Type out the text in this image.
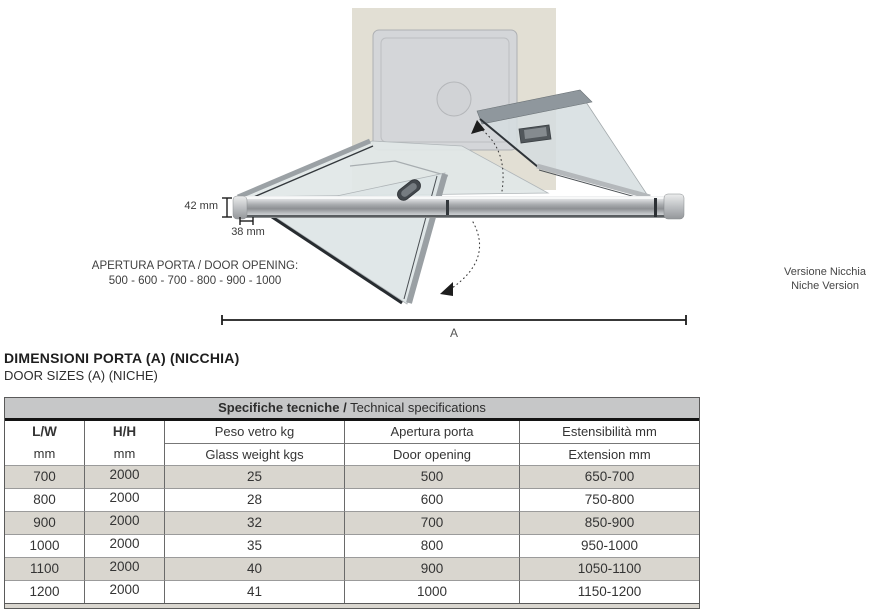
42 mm
38 mm
APERTURA PORTA / DOOR OPENING:
500 - 600 - 700 - 800 - 900 - 1000
Versione Nicchia
Niche Version
A
DIMENSIONI PORTA (A) (NICCHIA)
DOOR SIZES (A) (NICHE)
Specifiche tecniche / Technical specifications
L/W	H/H	Peso vetro kg	Apertura porta	Estensibilità mm
mm	mm	Glass weight kgs	Door opening	Extension mm
700	2000	25	500	650-700
800	2000	28	600	750-800
900	2000	32	700	850-900
1000	2000	35	800	950-1000
1100	2000	40	900	1050-1100
1200	2000	41	1000	1150-1200
